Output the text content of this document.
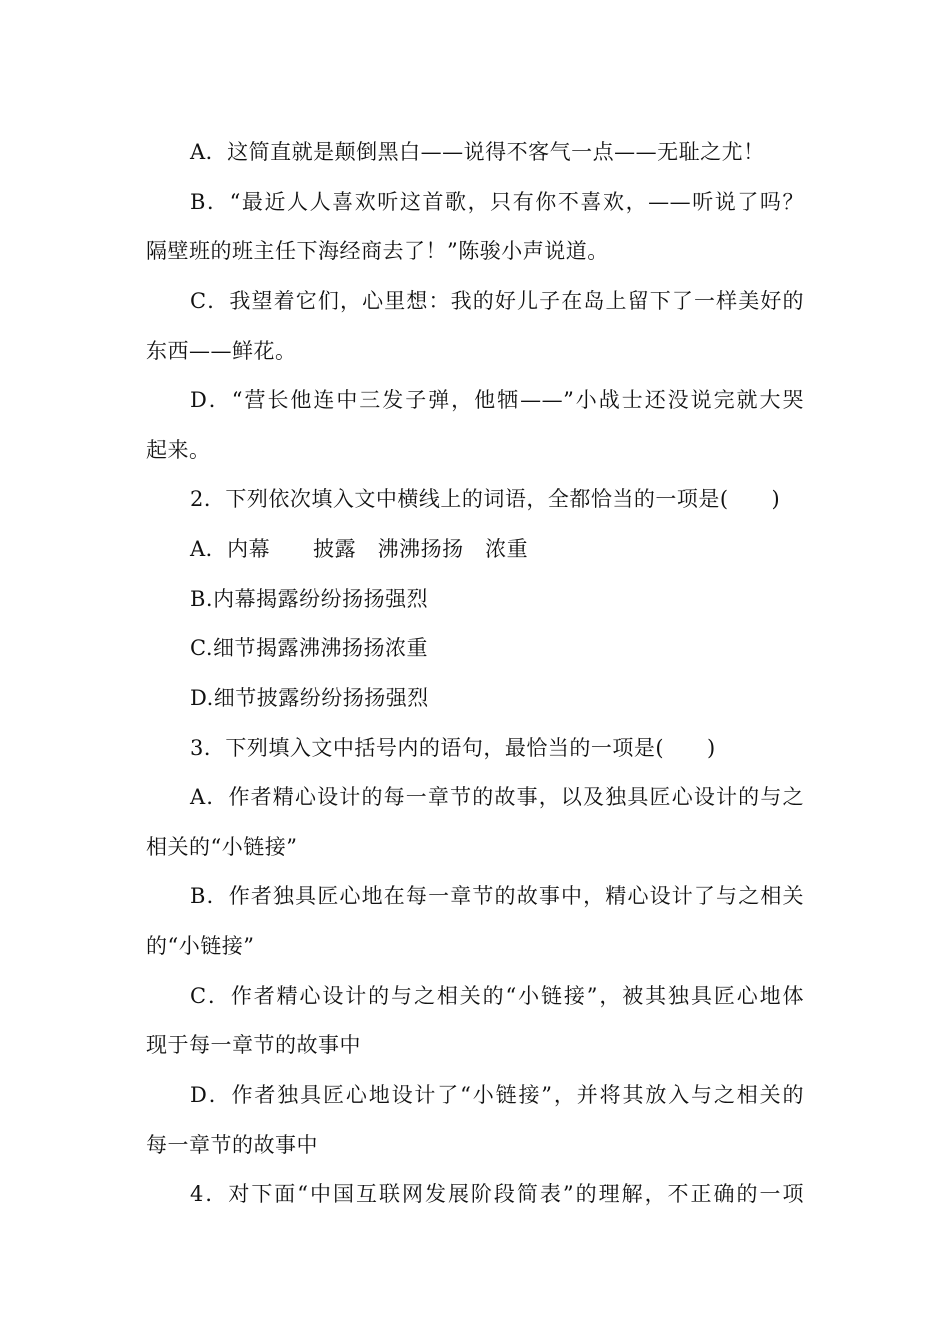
A．这简直就是颠倒黑白——说得不客气一点——无耻之尤！
B．“最近人人喜欢听这首歌，只有你不喜欢，——听说了吗？
隔壁班的班主任下海经商去了！”陈骏小声说道。
C．我望着它们，心里想：我的好儿子在岛上留下了一样美好的
东西——鲜花。
D．“营长他连中三发子弹，他牺——”小战士还没说完就大哭
起来。
2．下列依次填入文中横线上的词语，全都恰当的一项是(　　)
A．内幕　　披露　沸沸扬扬　浓重
B.内幕揭露纷纷扬扬强烈
C.细节揭露沸沸扬扬浓重
D.细节披露纷纷扬扬强烈
3．下列填入文中括号内的语句，最恰当的一项是(　　)
A．作者精心设计的每一章节的故事，以及独具匠心设计的与之
相关的“小链接”
B．作者独具匠心地在每一章节的故事中，精心设计了与之相关
的“小链接”
C．作者精心设计的与之相关的“小链接”，被其独具匠心地体
现于每一章节的故事中
D．作者独具匠心地设计了“小链接”，并将其放入与之相关的
每一章节的故事中
4．对下面“中国互联网发展阶段简表”的理解，不正确的一项
